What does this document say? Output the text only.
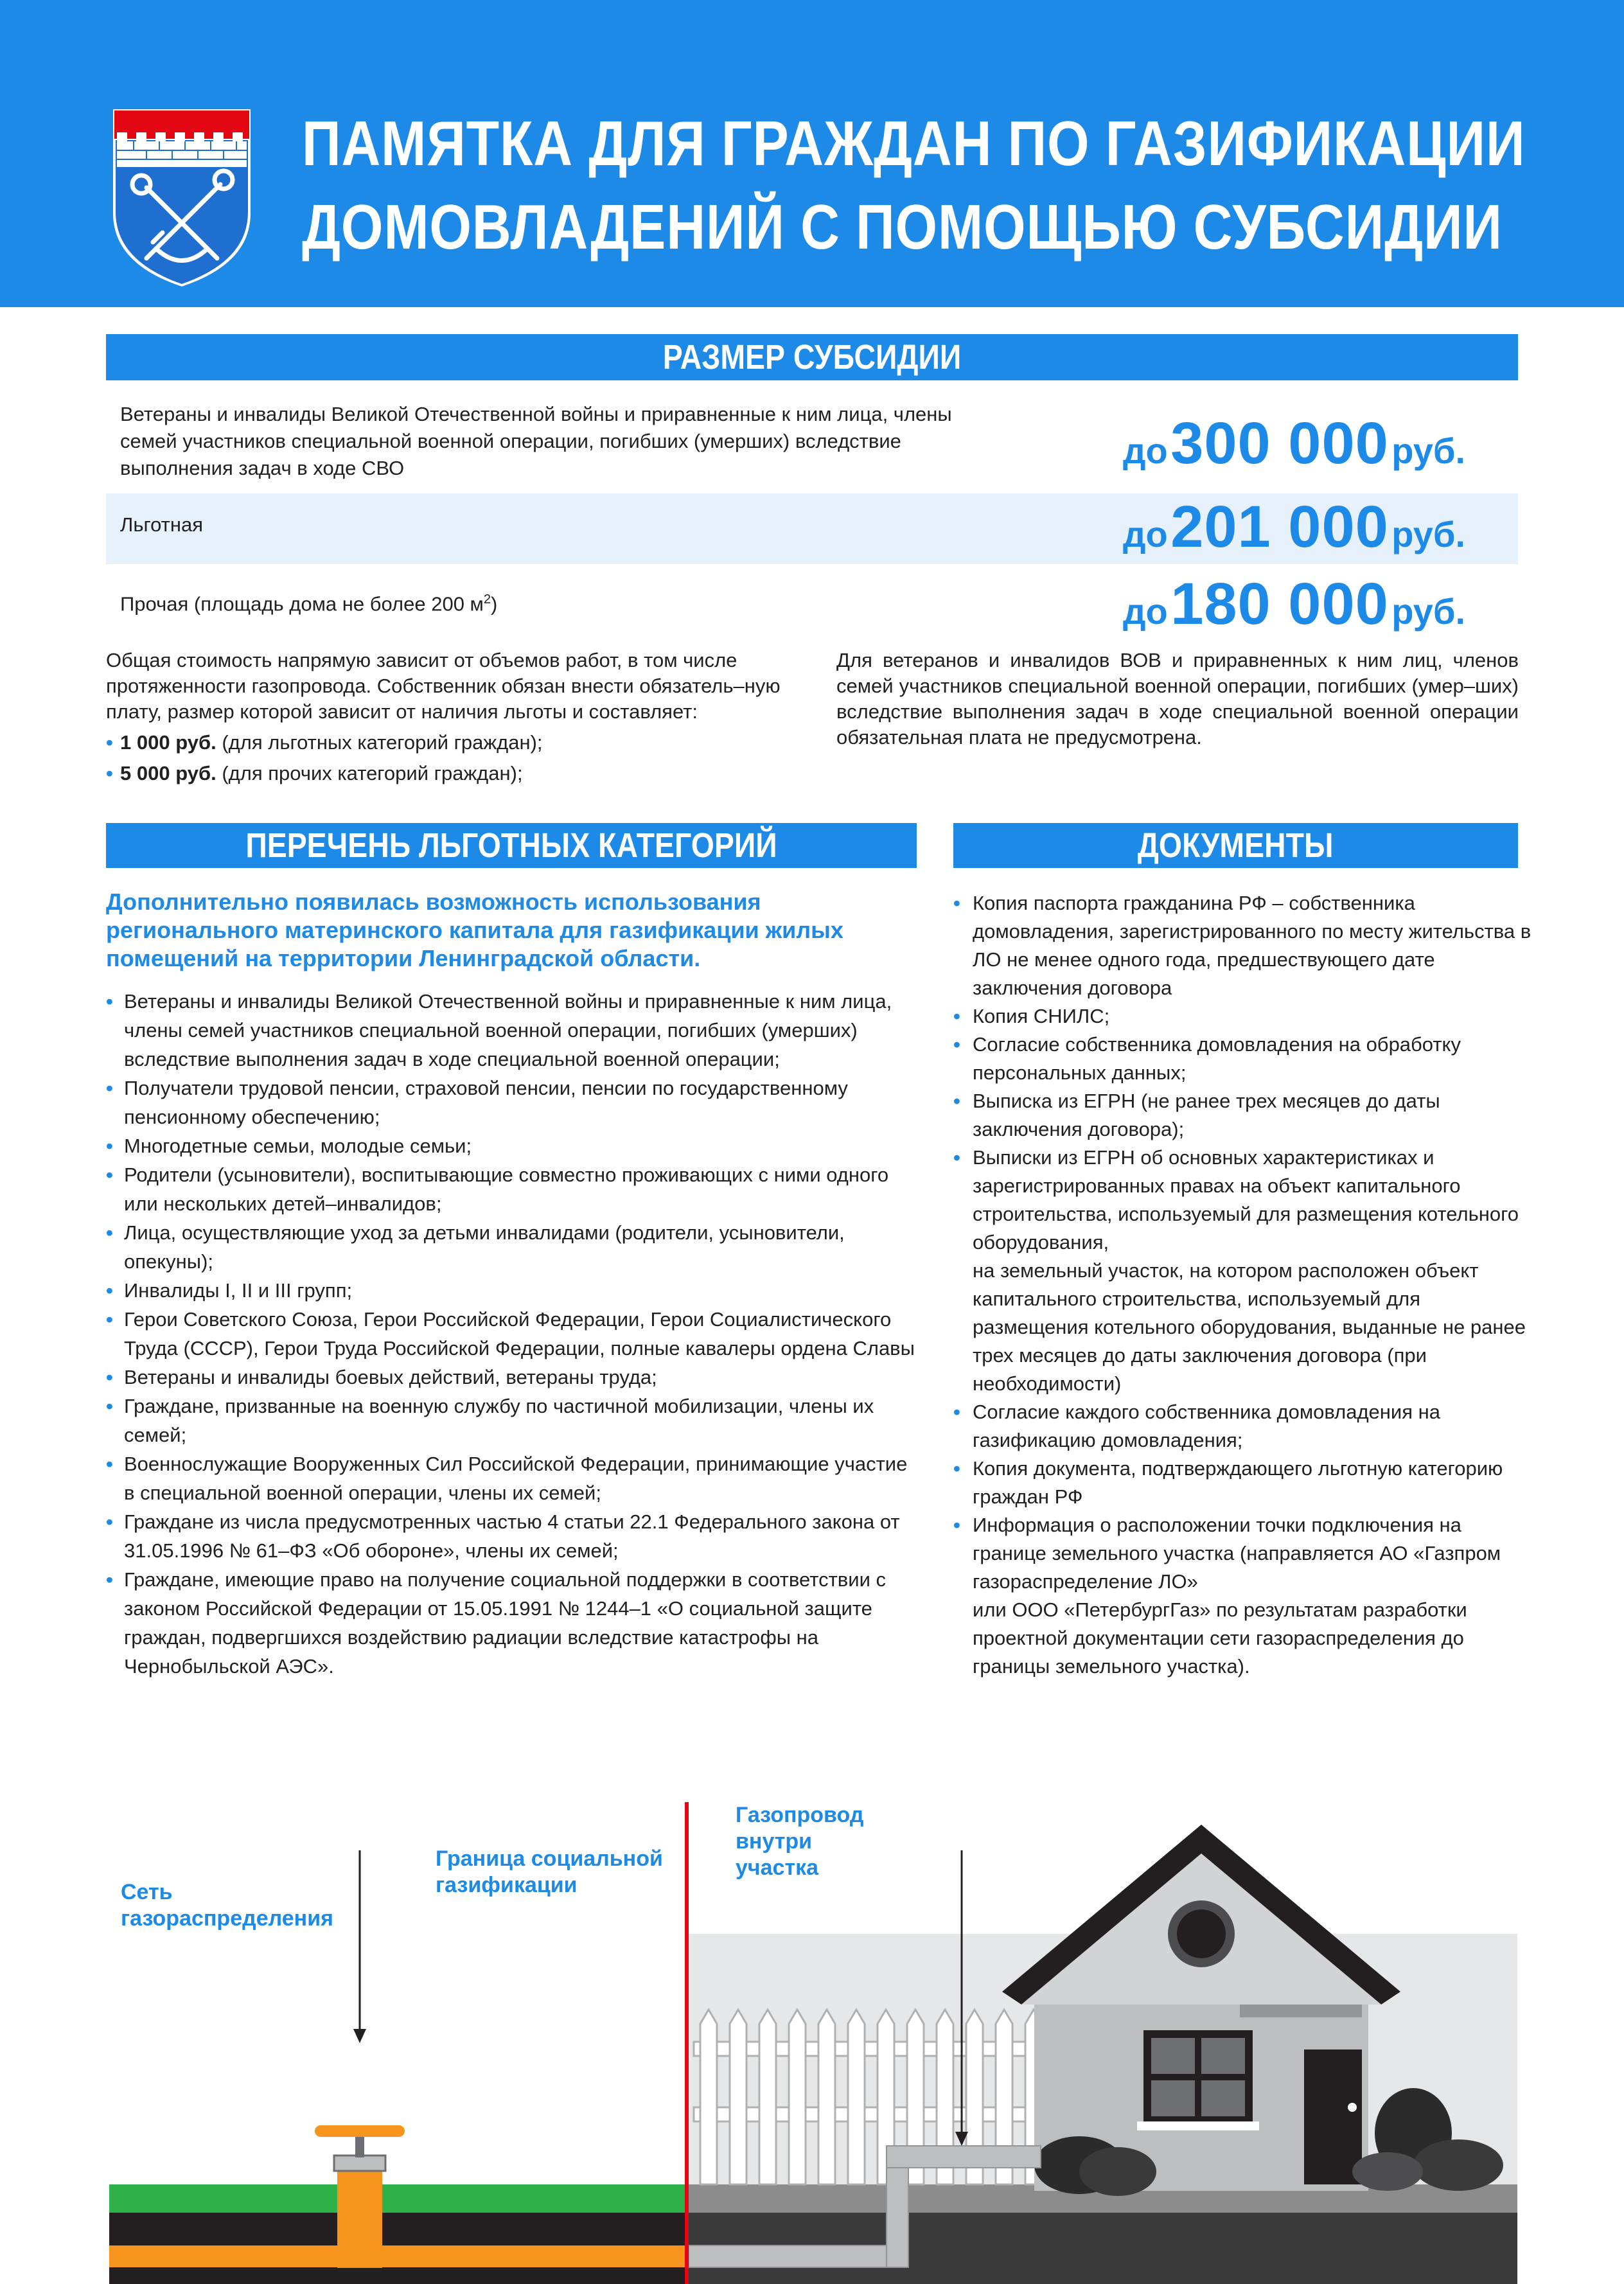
ПАМЯТКА ДЛЯ ГРАЖДАН ПО ГАЗИФИКАЦИИ
ДОМОВЛАДЕНИЙ С ПОМОЩЬЮ СУБСИДИИ
РАЗМЕР СУБСИДИИ
Ветераны и инвалиды Великой Отечественной войны и приравненные к ним лица, члены семей участников специальной военной операции, погибших (умерших) вследствие выполнения задач в ходе СВО	до 300 000 руб.
Льготная	до 201 000 руб.
Прочая (площадь дома не более 200 $м^2$)	до 180 000 руб.
Общая стоимость напрямую зависит от объемов работ, в том числе протяженности газопровода. Собственник обязан внести обязатель–ную плату, размер которой зависит от наличия льготы и составляет:
• 1 000 руб. (для льготных категорий граждан);
• 5 000 руб. (для прочих категорий граждан);
Для ветеранов и инвалидов ВОВ и приравненных к ним лиц, членов семей участников специальной военной операции, погибших (умер–ших) вследствие выполнения задач в ходе специальной военной операции обязательная плата не предусмотрена.
ПЕРЕЧЕНЬ ЛЬГОТНЫХ КАТЕГОРИЙ
Дополнительно появилась возможность использования регионального материнского капитала для газификации жилых помещений на территории Ленинградской области.
• Ветераны и инвалиды Великой Отечественной войны и приравненные к ним лица, члены семей участников специальной военной операции, погибших (умерших) вследствие выполнения задач в ходе специальной военной операции;
• Получатели трудовой пенсии, страховой пенсии, пенсии по государственному пенсионному обеспечению;
• Многодетные семьи, молодые семьи;
• Родители (усыновители), воспитывающие совместно проживающих с ними одного или нескольких детей–инвалидов;
• Лица, осуществляющие уход за детьми инвалидами (родители, усыновители, опекуны);
• Инвалиды I, II и III групп;
• Герои Советского Союза, Герои Российской Федерации, Герои Социалистического Труда (СССР), Герои Труда Российской Федерации, полные кавалеры ордена Славы
• Ветераны и инвалиды боевых действий, ветераны труда;
• Граждане, призванные на военную службу по частичной мобилизации, члены их семей;
• Военнослужащие Вооруженных Сил Российской Федерации, принимающие участие в специальной военной операции, члены их семей;
• Граждане из числа предусмотренных частью 4 статьи 22.1 Федерального закона от 31.05.1996 № 61–ФЗ «Об обороне», члены их семей;
• Граждане, имеющие право на получение социальной поддержки в соответствии с законом Российской Федерации от 15.05.1991 № 1244–1 «О социальной защите граждан, подвергшихся воздействию радиации вследствие катастрофы на Чернобыльской АЭС».
ДОКУМЕНТЫ
• Копия паспорта гражданина РФ – собственника домовладения, зарегистрированного по месту жительства в ЛО не менее одного года, предшествующего дате заключения договора
• Копия СНИЛС;
• Согласие собственника домовладения на обработку персональных данных;
• Выписка из ЕГРН (не ранее трех месяцев до даты заключения договора);
• Выписки из ЕГРН об основных характеристиках и зарегистрированных правах на объект капитального строительства, используемый для размещения котельного оборудования,
на земельный участок, на котором расположен объект капитального строительства, используемый для размещения котельного оборудования, выданные не ранее трех месяцев до даты заключения договора (при необходимости)
• Согласие каждого собственника домовладения на газификацию домовладения;
• Копия документа, подтверждающего льготную категорию граждан РФ
• Информация о расположении точки подключения на границе земельного участка (направляется АО «Газпром газораспределение ЛО»
или ООО «ПетербургГаз» по результатам разработки проектной документации сети газораспределения до границы земельного участка).
Сеть газораспределения
Граница социальной газификации
Газопровод внутри участка
